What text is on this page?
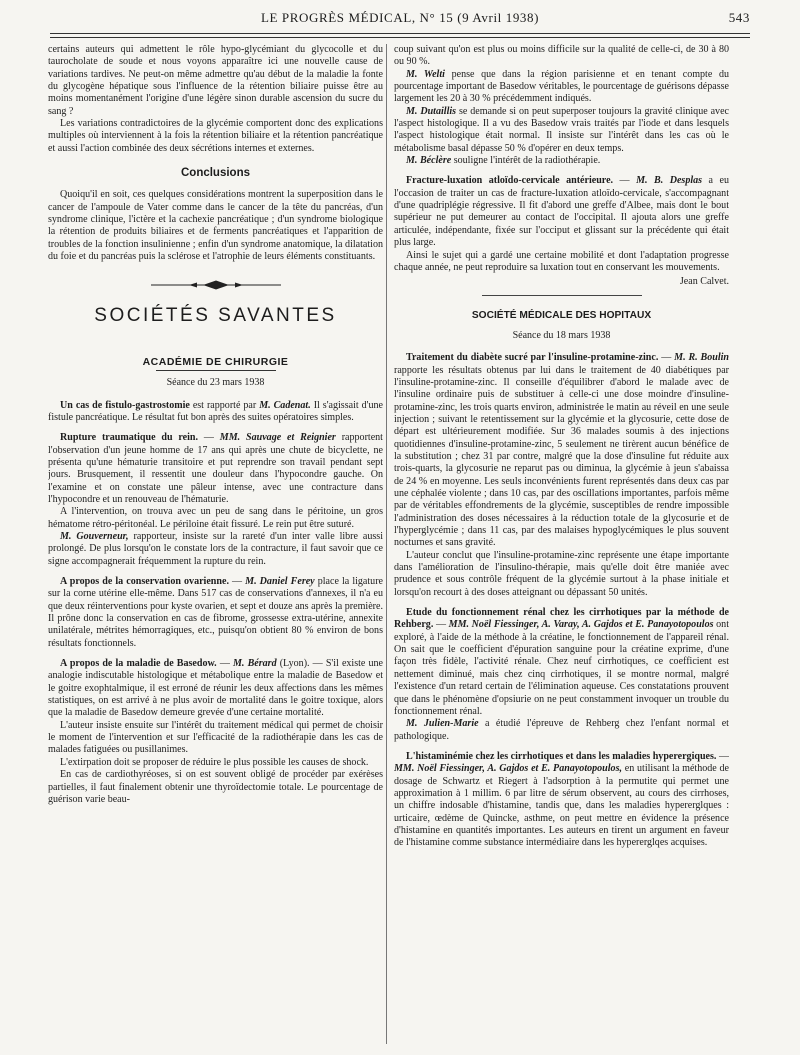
LE PROGRÈS MÉDICAL, N° 15 (9 Avril 1938)	543

certains auteurs qui admettent le rôle hypo-glycémiant du glycocolle et du taurocholate de soude et nous voyons apparaître ici une nouvelle cause de variations tardives. Ne peut-on même admettre qu'au début de la maladie la fonte du glycogène hépatique sous l'influence de la rétention biliaire puisse être au moins momentanément l'origine d'une légère sinon durable ascension du sucre du sang ?

Les variations contradictoires de la glycémie comportent donc des explications multiples où interviennent à la fois la rétention biliaire et la rétention pancréatique et aussi l'action combinée des deux sécrétions internes et externes.

Conclusions

Quoiqu'il en soit, ces quelques considérations montrent la superposition dans le cancer de l'ampoule de Vater comme dans le cancer de la tête du pancréas, d'un syndrome clinique, l'ictère et la cachexie pancréatique ; d'un syndrome biologique la rétention de produits biliaires et de ferments pancréatiques et l'apparition de troubles de la fonction insulinienne ; enfin d'un syndrome anatomique, la dilatation du foie et du pancréas puis la sclérose et l'atrophie de leurs éléments constituants.

SOCIÉTÉS SAVANTES
ACADÉMIE DE CHIRURGIE
Séance du 23 mars 1938

Un cas de fistulo-gastrostomie est rapporté par M. Cadenat. Il s'agissait d'une fistule pancréatique. Le résultat fut bon après des suites opératoires simples.

Rupture traumatique du rein. — MM. Sauvage et Reignier rapportent l'observation d'un jeune homme de 17 ans qui après une chute de bicyclette, ne présenta qu'une hématurie transitoire et put reprendre son travail pendant sept jours. Brusquement, il ressentit une douleur dans l'hypocondre gauche. On l'examine et on constate une pâleur intense, avec une contracture dans l'hypocondre et un renouveau de l'hématurie.

A l'intervention, on trouva avec un peu de sang dans le péritoine, un gros hématome rétro-péritonéal. Le périloine était fissuré. Le rein put être suturé.

M. Gouverneur, rapporteur, insiste sur la rareté d'un inter valle libre aussi prolongé. De plus lorsqu'on le constate lors de la contracture, il faut savoir que ce signe accompagnerait fréquemment la rupture du rein.

A propos de la conservation ovarienne. — M. Daniel Ferey place la ligature sur la corne utérine elle-même. Dans 517 cas de conservations d'annexes, il n'a eu que deux réinterventions pour kyste ovarien, et sept et douze ans après la première. Il prône donc la conservation en cas de fibrome, grossesse extra-utérine, annexite unilatérale, métrites hémorragiques, etc., puisqu'on obtient 80 % environ de bons résultats fonctionnels.

A propos de la maladie de Basedow. — M. Bérard (Lyon). — S'il existe une analogie indiscutable histologique et métabolique entre la maladie de Basedow et le goitre exophtalmique, il est erroné de réunir les deux affections dans les mêmes statistiques, on est arrivé à ne plus avoir de mortalité dans le goitre toxique, alors que la maladie de Basedow demeure grevée d'une certaine mortalité.

L'auteur insiste ensuite sur l'intérêt du traitement médical qui permet de choisir le moment de l'intervention et sur l'efficacité de la radiothérapie dans les cas de malades fatiguées ou pusillanimes.

L'extirpation doit se proposer de réduire le plus possible les causes de shock.

En cas de cardiothyréoses, si on est souvent obligé de procéder par exérèses partielles, il faut finalement obtenir une thyroïdectomie totale. Le pourcentage de guérison varie beau-

coup suivant qu'on est plus ou moins difficile sur la qualité de celle-ci, de 30 à 80 ou 90 %.

M. Welti pense que dans la région parisienne et en tenant compte du pourcentage important de Basedow véritables, le pourcentage de guérisons dépasse largement les 20 à 30 % précédemment indiqués.

M. Dutaillis se demande si on peut superposer toujours la gravité clinique avec l'aspect histologique. Il a vu des Basedow vrais traités par l'iode et dans lesquels l'aspect histologique était normal. Il insiste sur l'intérêt dans les cas où le métabolisme basal dépasse 50 % d'opérer en deux temps.

M. Béclère souligne l'intérêt de la radiothérapie.

Fracture-luxation atloïdo-cervicale antérieure. — M. B. Desplas a eu l'occasion de traiter un cas de fracture-luxation atloïdo-cervicale, s'accompagnant d'une quadriplégie régressive. Il fit d'abord une greffe d'Albee, mais dont le bout supérieur ne put demeurer au contact de l'occipital. Il ajouta alors une greffe articulée, indépendante, fixée sur l'occiput et glissant sur la précédente qui était plus large.

Ainsi le sujet qui a gardé une certaine mobilité et dont l'adaptation progresse chaque année, ne peut reproduire sa luxation tout en conservant les mouvements.

Jean Calvet.
SOCIÉTÉ MÉDICALE DES HOPITAUX
Séance du 18 mars 1938

Traitement du diabète sucré par l'insuline-protamine-zinc. — M. R. Boulin rapporte les résultats obtenus par lui dans le traitement de 40 diabétiques par l'insuline-protamine-zinc. Il conseille d'équilibrer d'abord le malade avec de l'insuline ordinaire puis de substituer à celle-ci une dose moindre d'insuline-protamine-zinc, les trois quarts environ, administrée le matin au réveil en une seule injection ; suivant le retentissement sur la glycémie et la glycosurie, cette dose de départ est ultérieurement modifiée. Sur 36 malades soumis à des injections quotidiennes d'insuline-protamine-zinc, 5 seulement ne tirèrent aucun bénéfice de la substitution ; chez 31 par contre, malgré que la dose d'insuline fut réduite aux trois-quarts, la glycosurie ne reparut pas ou diminua, la glycémie à jeun s'abaissa de 24 % en moyenne. Les seuls inconvénients furent représentés dans deux cas par une céphalée violente ; dans 10 cas, par des oscillations importantes, parfois même par de véritables effondrements de la glycémie, susceptibles de rendre impossible l'administration des doses nécessaires à la réduction totale de la glycosurie et de l'hyperglycémie ; dans 11 cas, par des malaises hypoglycémiques le plus souvent nocturnes et sans gravité.

L'auteur conclut que l'insuline-protamine-zinc représente une étape importante dans l'amélioration de l'insulino-thérapie, mais qu'elle doit être maniée avec prudence et sous contrôle fréquent de la glycémie surtout à la phase initiale et lorsqu'on recourt à des doses atteignant ou dépassant 50 unités.

Etude du fonctionnement rénal chez les cirrhotiques par la méthode de Rehberg. — MM. Noël Fiessinger, A. Varay, A. Gajdos et E. Panayotopoulos ont exploré, à l'aide de la méthode à la créatine, le fonctionnement de l'appareil rénal. On sait que le coefficient d'épuration sanguine pour la créatine exprime, d'une façon très fidèle, l'activité rénale. Chez neuf cirrhotiques, ce coefficient est nettement diminué, mais chez cinq cirrhotiques, il se montre normal, malgré l'existence d'un retard certain de l'élimination aqueuse. Ces constatations prouvent que dans le phénomène d'opsiurie on ne peut constamment invoquer un trouble du fonctionnement rénal.

M. Julien-Marie a étudié l'épreuve de Rehberg chez l'enfant normal et pathologique.

L'histaminémie chez les cirrhotiques et dans les maladies hyperergiques. — MM. Noël Fiessinger, A. Gajdos et E. Panayotopoulos, en utilisant la méthode de dosage de Schwartz et Riegert à l'adsorption à la permutite qui permet une approximation à 1 millim. 6 par litre de sérum observent, au cours des cirrhoses, un chiffre indosable d'histamine, tandis que, dans les maladies hypererglques : urticaire, œdème de Quincke, asthme, on peut mettre en évidence la présence d'histamine en quantités importantes. Les auteurs en tirent un argument en faveur de l'histamine comme substance intermédiaire dans les hypererglqes acquises.
